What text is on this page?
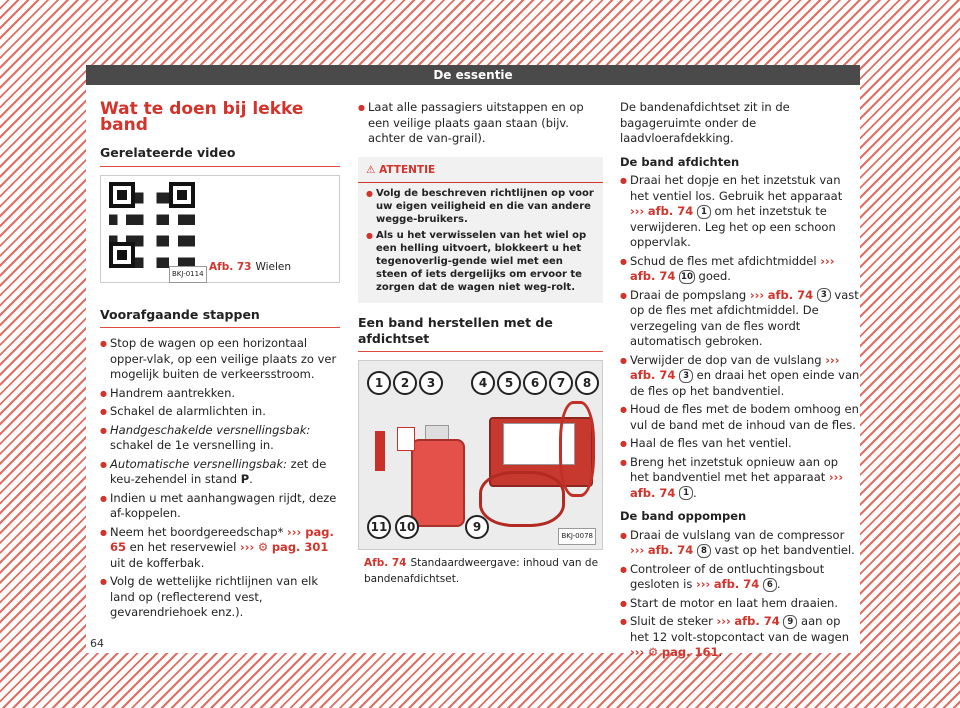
De essentie
Wat te doen bij lekke band
Gerelateerde video
BKJ-0114
Afb. 73 Wielen
Voorafgaande stappen
● Stop de wagen op een horizontaal opper-vlak, op een veilige plaats zo ver mogelijk buiten de verkeersstroom.
● Handrem aantrekken.
● Schakel de alarmlichten in.
● Handgeschakelde versnellingsbak: schakel de 1e versnelling in.
● Automatische versnellingsbak: zet de keu-zehendel in stand P.
● Indien u met aanhangwagen rijdt, deze af-koppelen.
● Neem het boordgereedschap* ››› pag. 65 en het reservewiel ››› ⚙ pag. 301 uit de kofferbak.
● Volg de wettelijke richtlijnen van elk land op (reflecterend vest, gevarendriehoek enz.).
● Laat alle passagiers uitstappen en op een veilige plaats gaan staan (bijv. achter de van-grail).
⚠ ATTENTIE
● Volg de beschreven richtlijnen op voor uw eigen veiligheid en die van andere wegge-bruikers.
● Als u het verwisselen van het wiel op een helling uitvoert, blokkeert u het tegenoverlig-gende wiel met een steen of iets dergelijks om ervoor te zorgen dat de wagen niet weg-rolt.
Een band herstellen met de afdichtset
1	2	3	4	5	6	7	8
9
10
11
BKJ-0078
Afb. 74 Standaardweergave: inhoud van de bandenafdichtset.
De bandenafdichtset zit in de bagageruimte onder de laadvloerafdekking.
De band afdichten
● Draai het dopje en het inzetstuk van het ventiel los. Gebruik het apparaat ››› afb. 74 1 om het inzetstuk te verwijderen. Leg het op een schoon oppervlak.
● Schud de fles met afdichtmiddel ››› afb. 74 10 goed.
● Draai de pompslang ››› afb. 74 3 vast op de fles met afdichtmiddel. De verzegeling van de fles wordt automatisch gebroken.
● Verwijder de dop van de vulslang ››› afb. 74 3 en draai het open einde van de fles op het bandventiel.
● Houd de fles met de bodem omhoog en vul de band met de inhoud van de fles.
● Haal de fles van het ventiel.
● Breng het inzetstuk opnieuw aan op het bandventiel met het apparaat ››› afb. 74 1 .
De band oppompen
● Draai de vulslang van de compressor ››› afb. 74 8 vast op het bandventiel.
● Controleer of de ontluchtingsbout gesloten is ››› afb. 74 6 .
● Start de motor en laat hem draaien.
● Sluit de steker ››› afb. 74 9 aan op het 12 volt-stopcontact van de wagen ››› ⚙ pag. 161.
64
